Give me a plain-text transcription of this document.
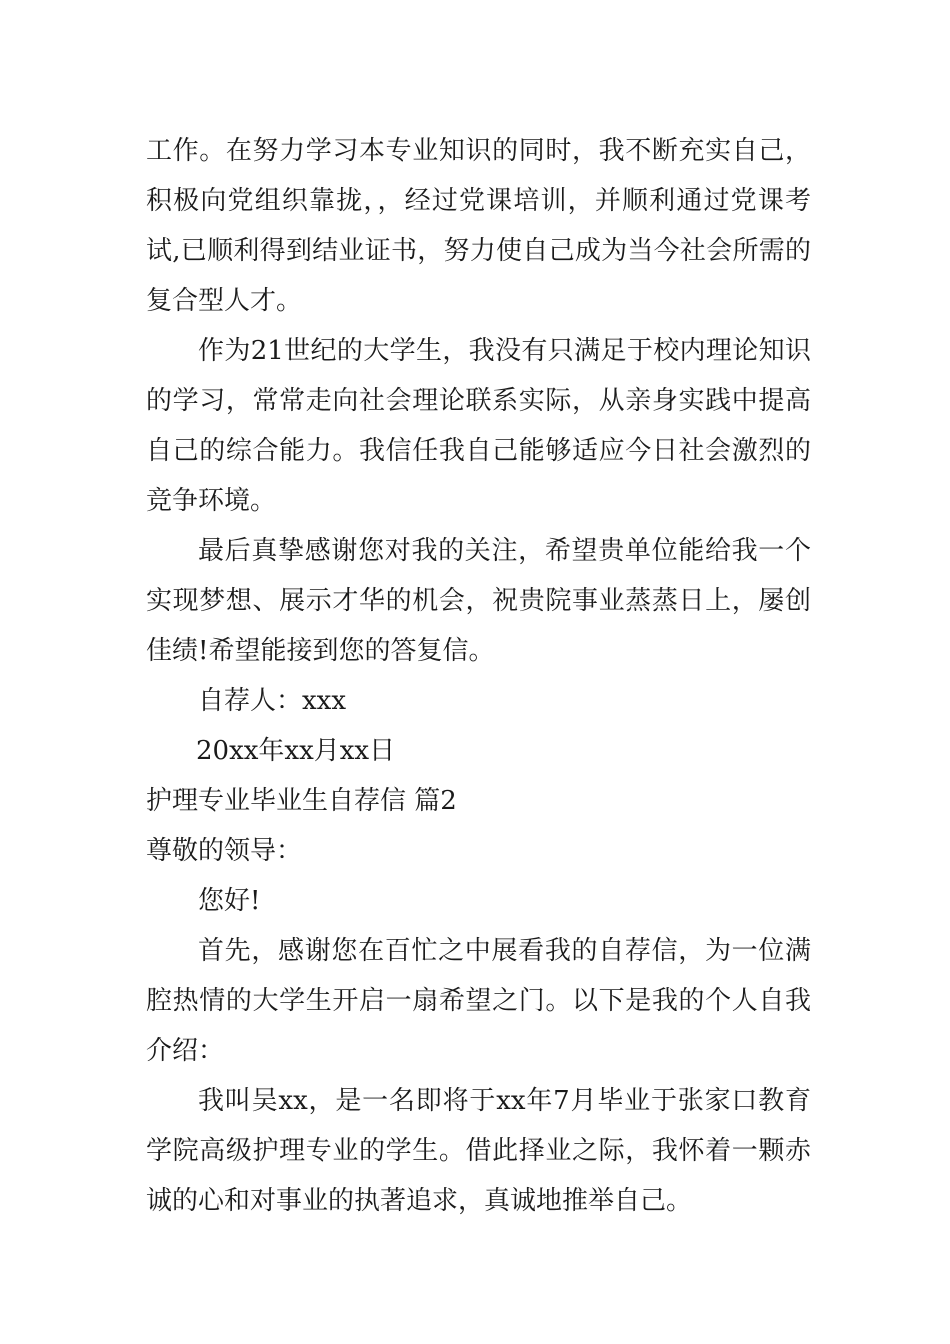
工作。在努力学习本专业知识的同时，我不断充实自己，积极向党组织靠拢，，经过党课培训，并顺利通过党课考试,已顺利得到结业证书，努力使自己成为当今社会所需的复合型人才。

作为21世纪的大学生，我没有只满足于校内理论知识的学习，常常走向社会理论联系实际，从亲身实践中提高自己的综合能力。我信任我自己能够适应今日社会激烈的竞争环境。

最后真挚感谢您对我的关注，希望贵单位能给我一个实现梦想、展示才华的机会，祝贵院事业蒸蒸日上，屡创佳绩!希望能接到您的答复信。

自荐人：xxx

20xx年xx月xx日

护理专业毕业生自荐信 篇2

尊敬的领导：

您好!

首先，感谢您在百忙之中展看我的自荐信，为一位满腔热情的大学生开启一扇希望之门。以下是我的个人自我介绍：

我叫吴xx，是一名即将于xx年7月毕业于张家口教育学院高级护理专业的学生。借此择业之际，我怀着一颗赤诚的心和对事业的执著追求，真诚地推举自己。
